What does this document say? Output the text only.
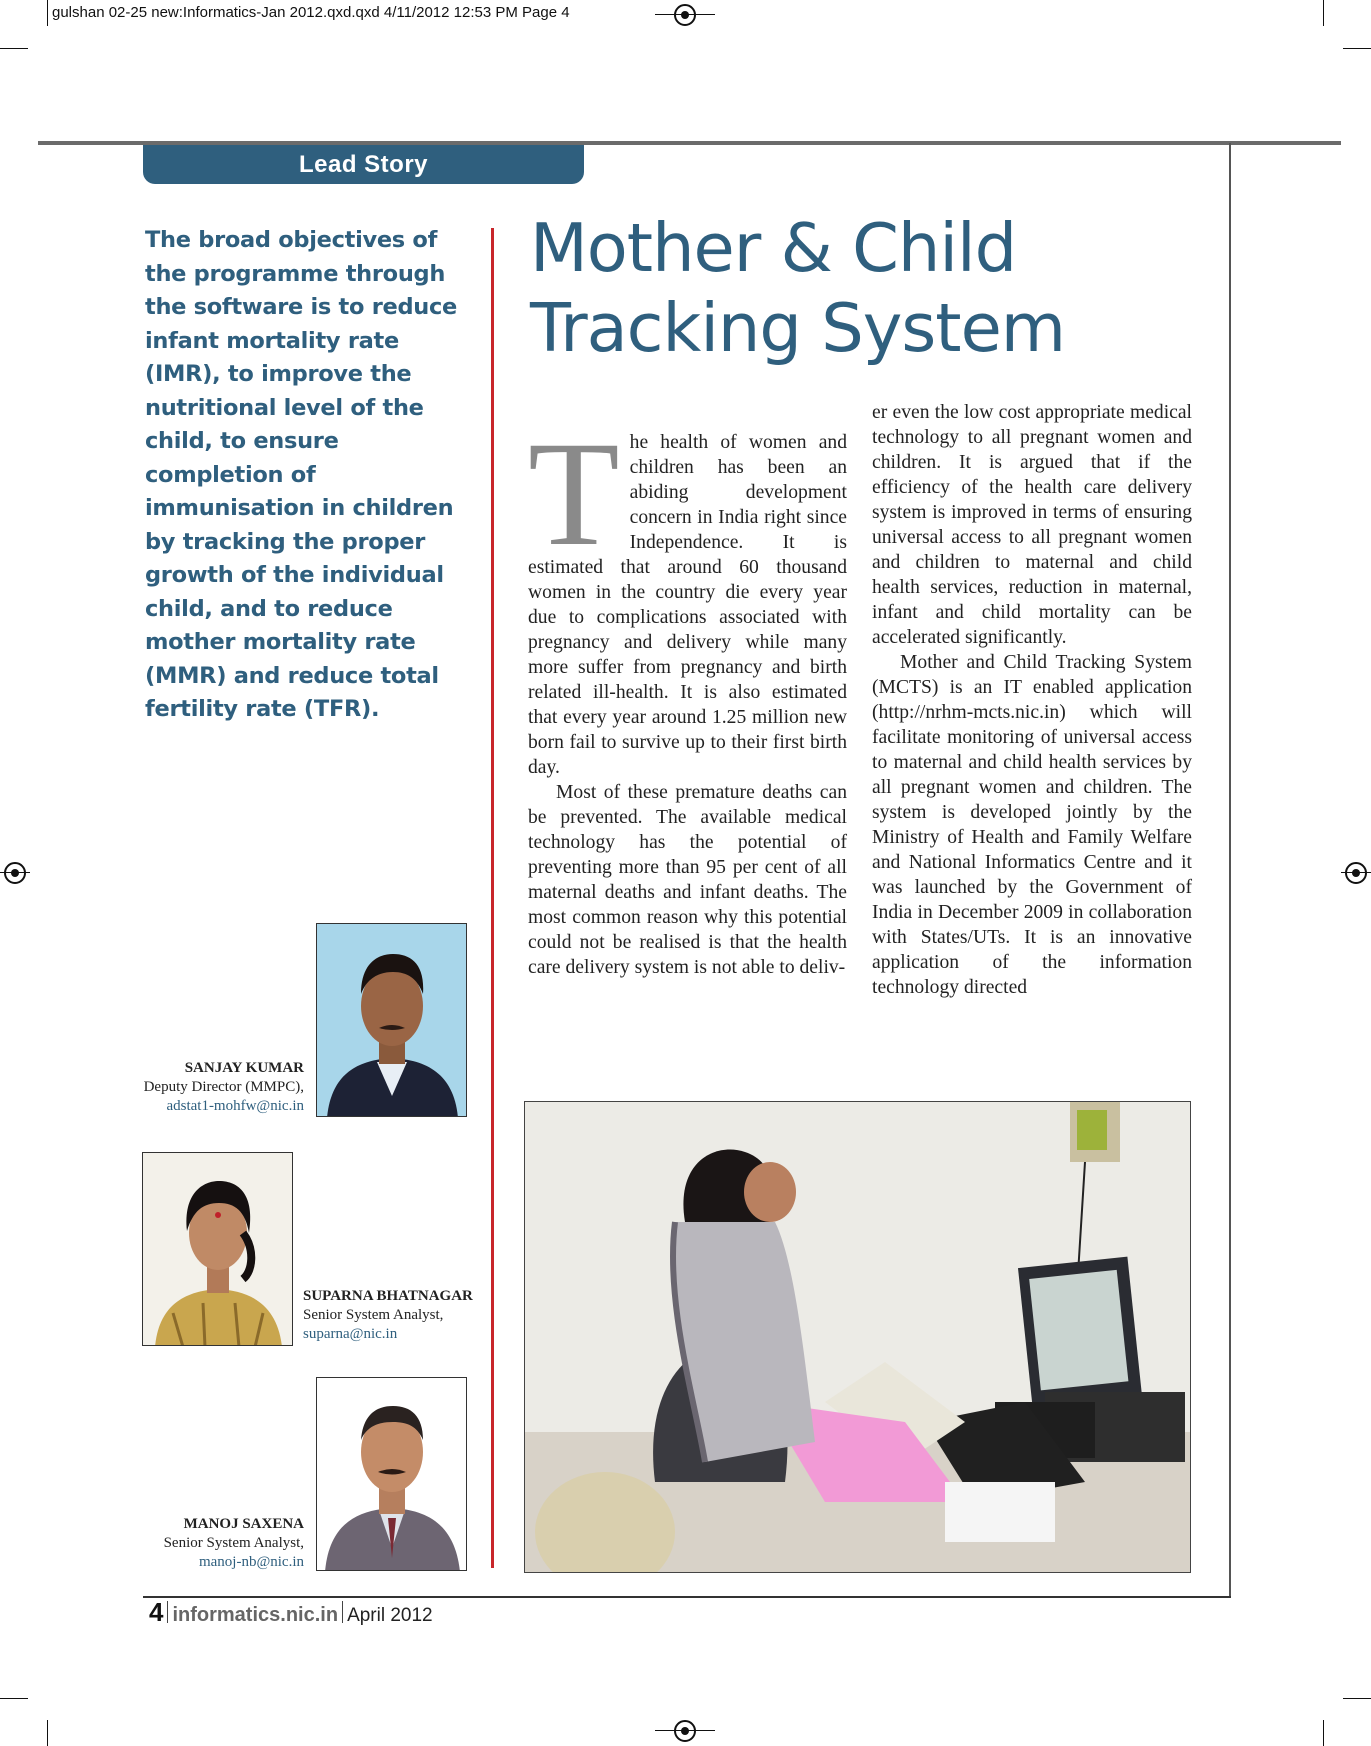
gulshan 02-25 new:Informatics-Jan 2012.qxd.qxd 4/11/2012 12:53 PM Page 4
Lead Story
The broad objectives of the programme through the software is to reduce infant mortality rate (IMR), to improve the nutritional level of the child, to ensure completion of immunisation in children by tracking the proper growth of the individual child, and to reduce mother mortality rate (MMR) and reduce total fertility rate (TFR).
Mother & Child
Tracking System

The health of women and children has been an abiding development concern in India right since Independence. It is estimated that around 60 thousand women in the country die every year due to complications associated with pregnancy and delivery while many more suffer from pregnancy and birth related ill-health. It is also estimated that every year around 1.25 million new born fail to survive up to their first birth day.

Most of these premature deaths can be prevented. The available medical technology has the potential of preventing more than 95 per cent of all maternal deaths and infant deaths. The most common reason why this potential could not be realised is that the health care delivery system is not able to deliv-

er even the low cost appropriate medical technology to all pregnant women and children. It is argued that if the efficiency of the health care delivery system is improved in terms of ensuring universal access to all pregnant women and children to maternal and child health services, reduction in maternal, infant and child mortality can be accelerated significantly.

Mother and Child Tracking System (MCTS) is an IT enabled application (http://nrhm-mcts.nic.in) which will facilitate monitoring of universal access to maternal and child health services by all pregnant women and children. The system is developed jointly by the Ministry of Health and Family Welfare and National Informatics Centre and it was launched by the Government of India in December 2009 in collaboration with States/UTs. It is an innovative application of the information technology directed

SANJAY KUMAR
Deputy Director (MMPC),
adstat1-mohfw@nic.in
SUPARNA BHATNAGAR
Senior System Analyst,
suparna@nic.in
MANOJ SAXENA
Senior System Analyst,
manoj-nb@nic.in
4 informatics.nic.in April 2012
